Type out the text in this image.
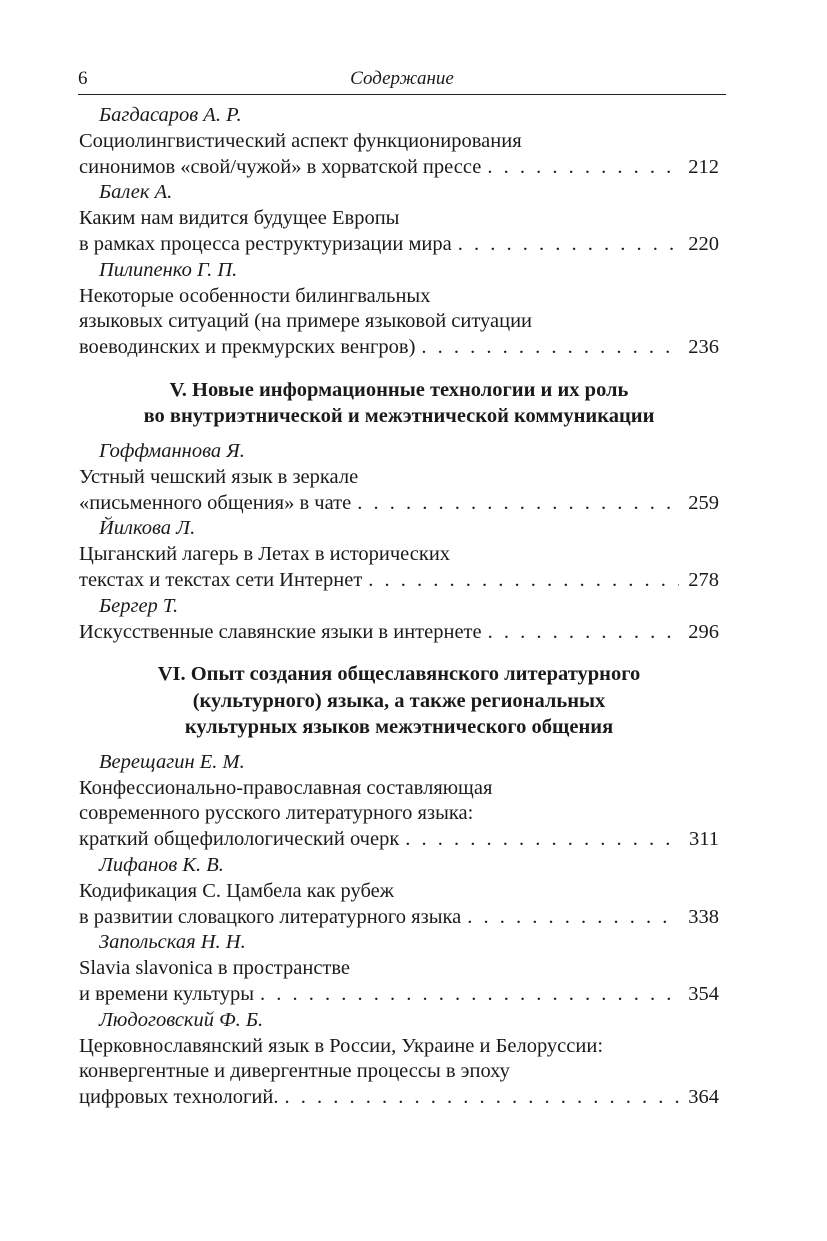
6	Содержание
Багдасаров А. Р.
Социолингвистический аспект функционирования
синонимов «свой/чужой» в хорватской прессе . . .	212
Балек А.
Каким нам видится будущее Европы
в рамках процесса реструктуризации мира . . .	220
Пилипенко Г. П.
Некоторые особенности билингвальных
языковых ситуаций (на примере языковой ситуации
воеводинских и прекмурских венгров) . . .	236
V. Новые информационные технологии и их роль
во внутриэтнической и межэтнической коммуникации
Гоффманнова Я.
Устный чешский язык в зеркале
«письменного общения» в чате . . .	259
Йилкова Л.
Цыганский лагерь в Летах в исторических
текстах и текстах сети Интернет . . .	278
Бергер Т.
Искусственные славянские языки в интернете . . .	296
VI. Опыт создания общеславянского литературного
(культурного) языка, а также региональных
культурных языков межэтнического общения
Верещагин Е. М.
Конфессионально-православная составляющая
современного русского литературного языка:
краткий общефилологический очерк . . .	311
Лифанов К. В.
Кодификация С. Цамбела как рубеж
в развитии словацкого литературного языка . . .	338
Запольская Н. Н.
Slavia slavonica в пространстве
и времени культуры . . .	354
Людоговский Ф. Б.
Церковнославянский язык в России, Украине и Белоруссии:
конвергентные и дивергентные процессы в эпоху
цифровых технологий. . . .	364
